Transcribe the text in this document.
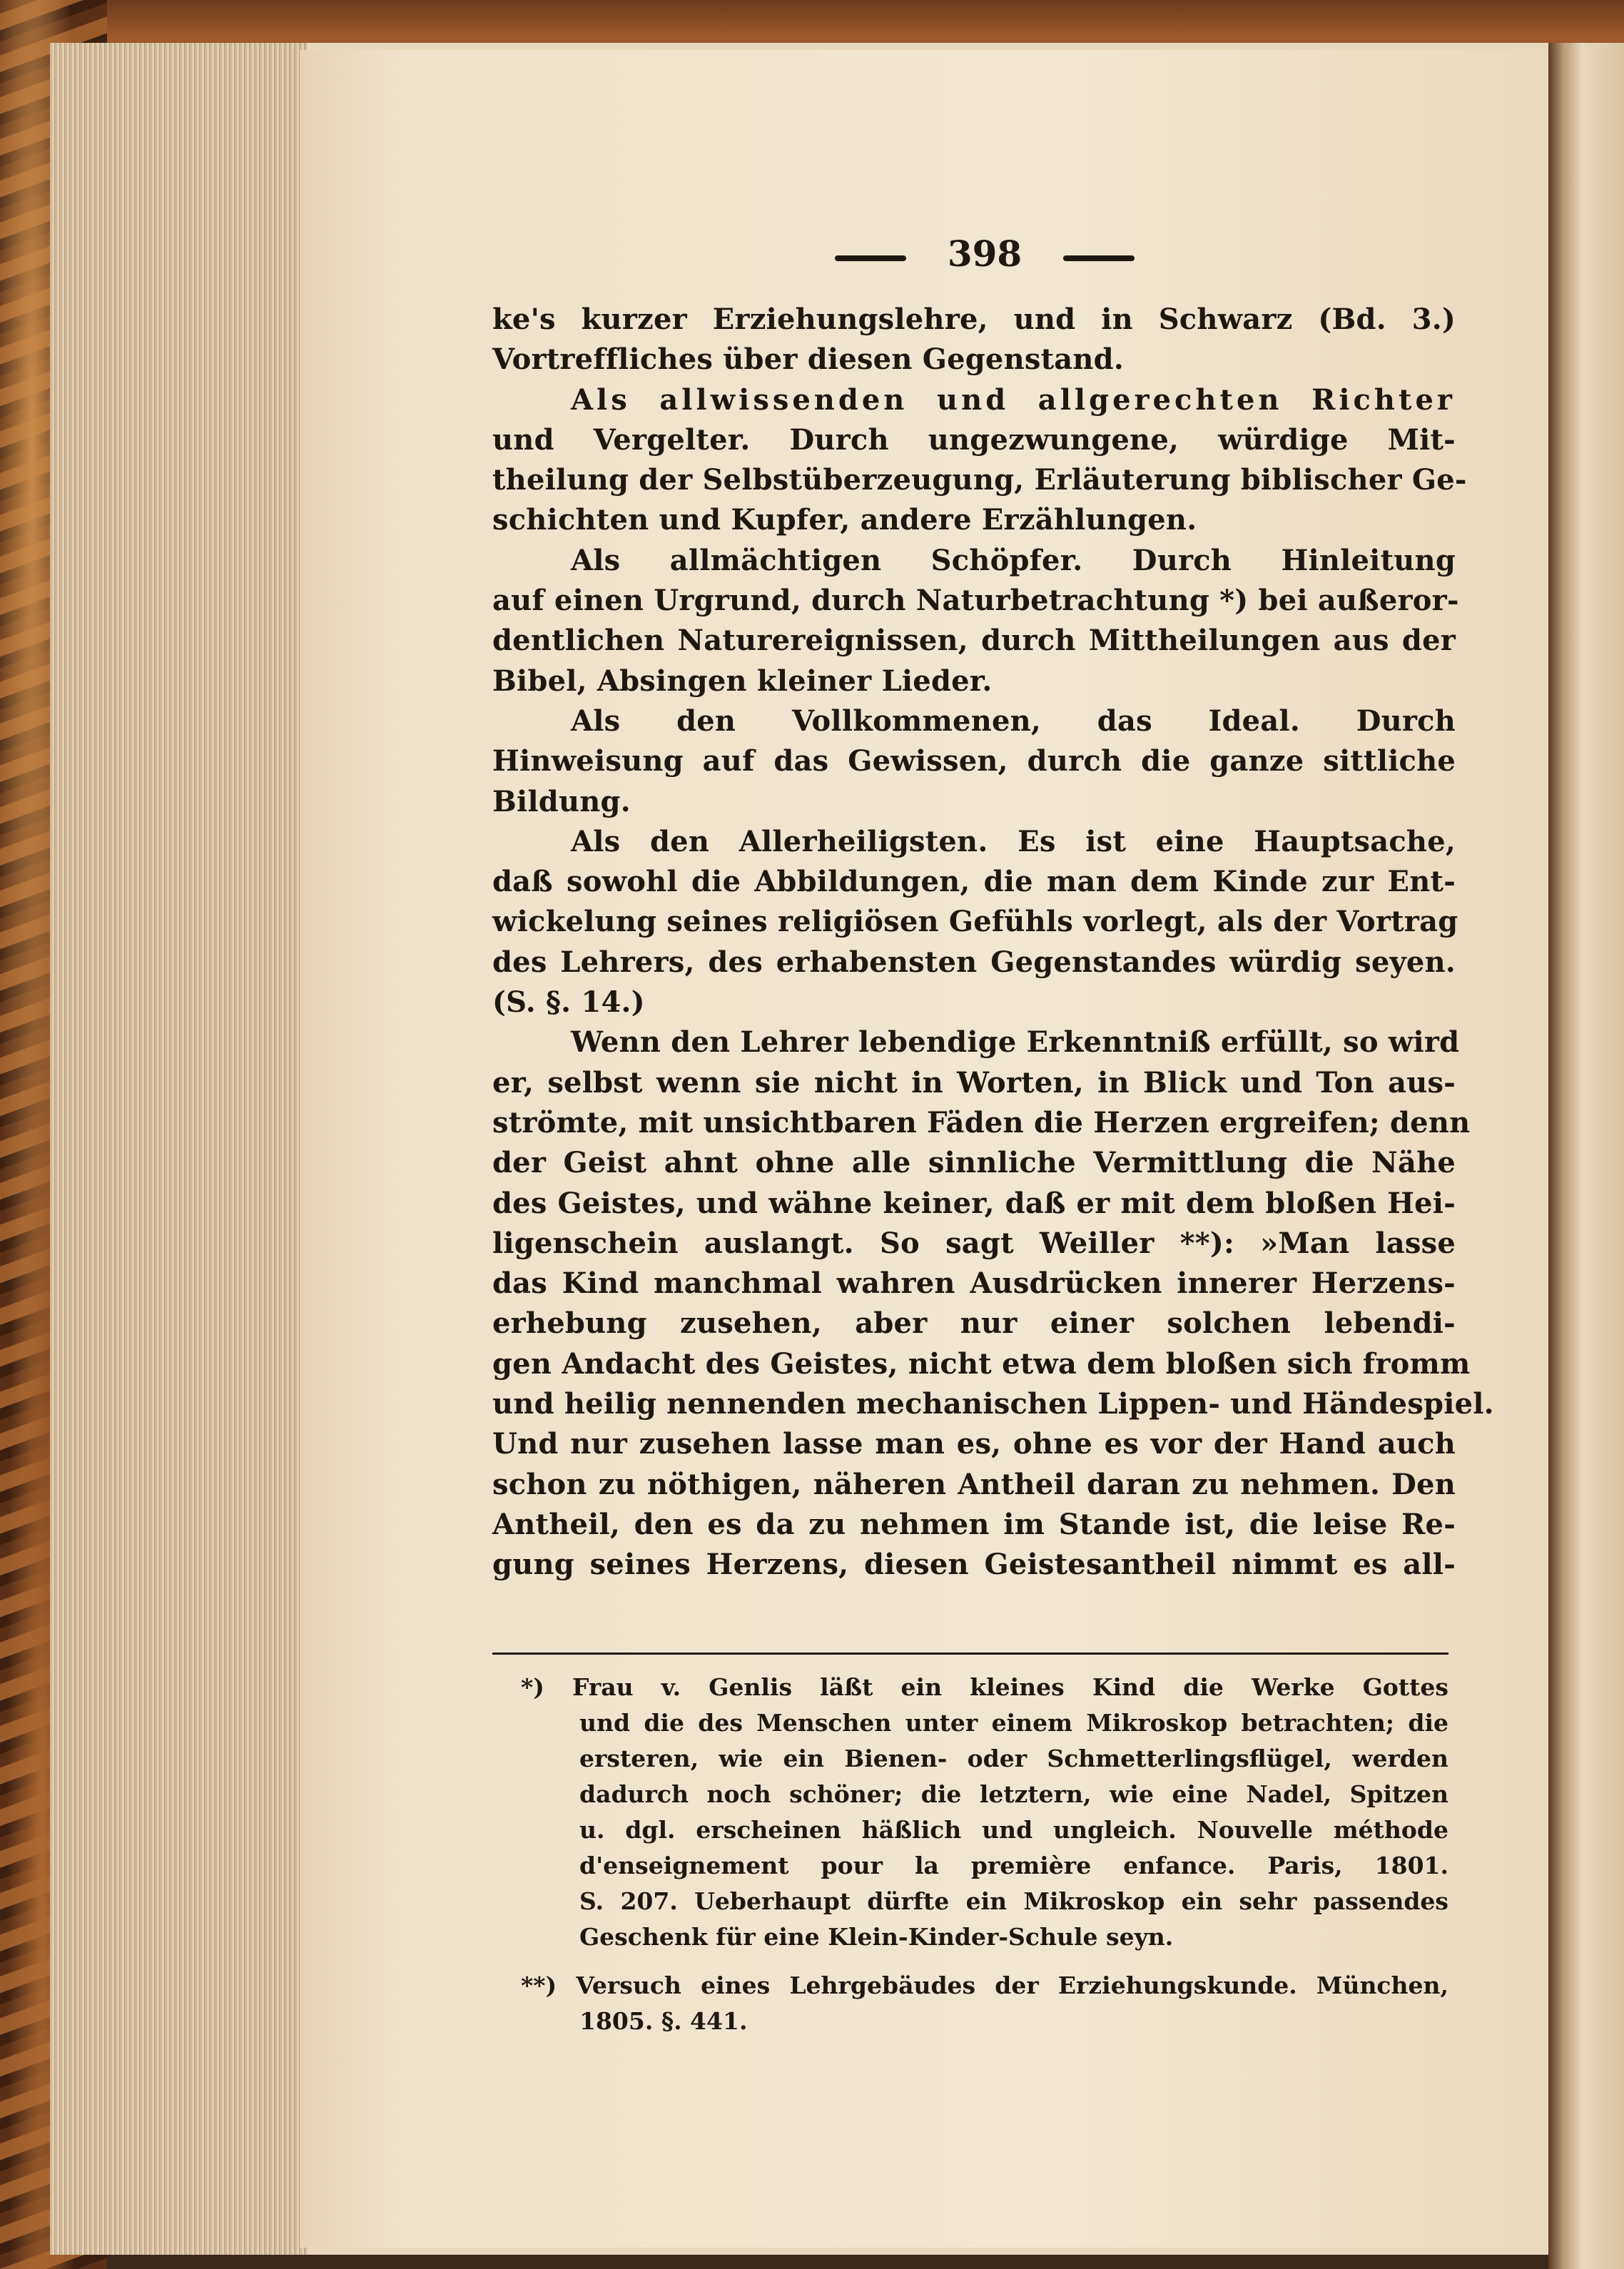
398
ke's kurzer Erziehungslehre, und in Schwarz (Bd. 3.)
Vortreffliches über diesen Gegenstand.
Als allwissenden und allgerechten Richter
und Vergelter. Durch ungezwungene, würdige Mit-
theilung der Selbstüberzeugung, Erläuterung biblischer Ge-
schichten und Kupfer, andere Erzählungen.
Als allmächtigen Schöpfer. Durch Hinleitung
auf einen Urgrund, durch Naturbetrachtung *) bei außeror-
dentlichen Naturereignissen, durch Mittheilungen aus der
Bibel, Absingen kleiner Lieder.
Als den Vollkommenen, das Ideal. Durch
Hinweisung auf das Gewissen, durch die ganze sittliche
Bildung.
Als den Allerheiligsten. Es ist eine Hauptsache,
daß sowohl die Abbildungen, die man dem Kinde zur Ent-
wickelung seines religiösen Gefühls vorlegt, als der Vortrag
des Lehrers, des erhabensten Gegenstandes würdig seyen.
(S. §. 14.)
Wenn den Lehrer lebendige Erkenntniß erfüllt, so wird
er, selbst wenn sie nicht in Worten, in Blick und Ton aus-
strömte, mit unsichtbaren Fäden die Herzen ergreifen; denn
der Geist ahnt ohne alle sinnliche Vermittlung die Nähe
des Geistes, und wähne keiner, daß er mit dem bloßen Hei-
ligenschein auslangt. So sagt Weiller **): »Man lasse
das Kind manchmal wahren Ausdrücken innerer Herzens-
erhebung zusehen, aber nur einer solchen lebendi-
gen Andacht des Geistes, nicht etwa dem bloßen sich fromm
und heilig nennenden mechanischen Lippen- und Händespiel.
Und nur zusehen lasse man es, ohne es vor der Hand auch
schon zu nöthigen, näheren Antheil daran zu nehmen. Den
Antheil, den es da zu nehmen im Stande ist, die leise Re-
gung seines Herzens, diesen Geistesantheil nimmt es all-
*) Frau v. Genlis läßt ein kleines Kind die Werke Gottes
und die des Menschen unter einem Mikroskop betrachten; die
ersteren, wie ein Bienen- oder Schmetterlingsflügel, werden
dadurch noch schöner; die letztern, wie eine Nadel, Spitzen
u. dgl. erscheinen häßlich und ungleich. Nouvelle méthode
d'enseignement pour la première enfance. Paris, 1801.
S. 207. Ueberhaupt dürfte ein Mikroskop ein sehr passendes
Geschenk für eine Klein-Kinder-Schule seyn.
**) Versuch eines Lehrgebäudes der Erziehungskunde. München,
1805. §. 441.
